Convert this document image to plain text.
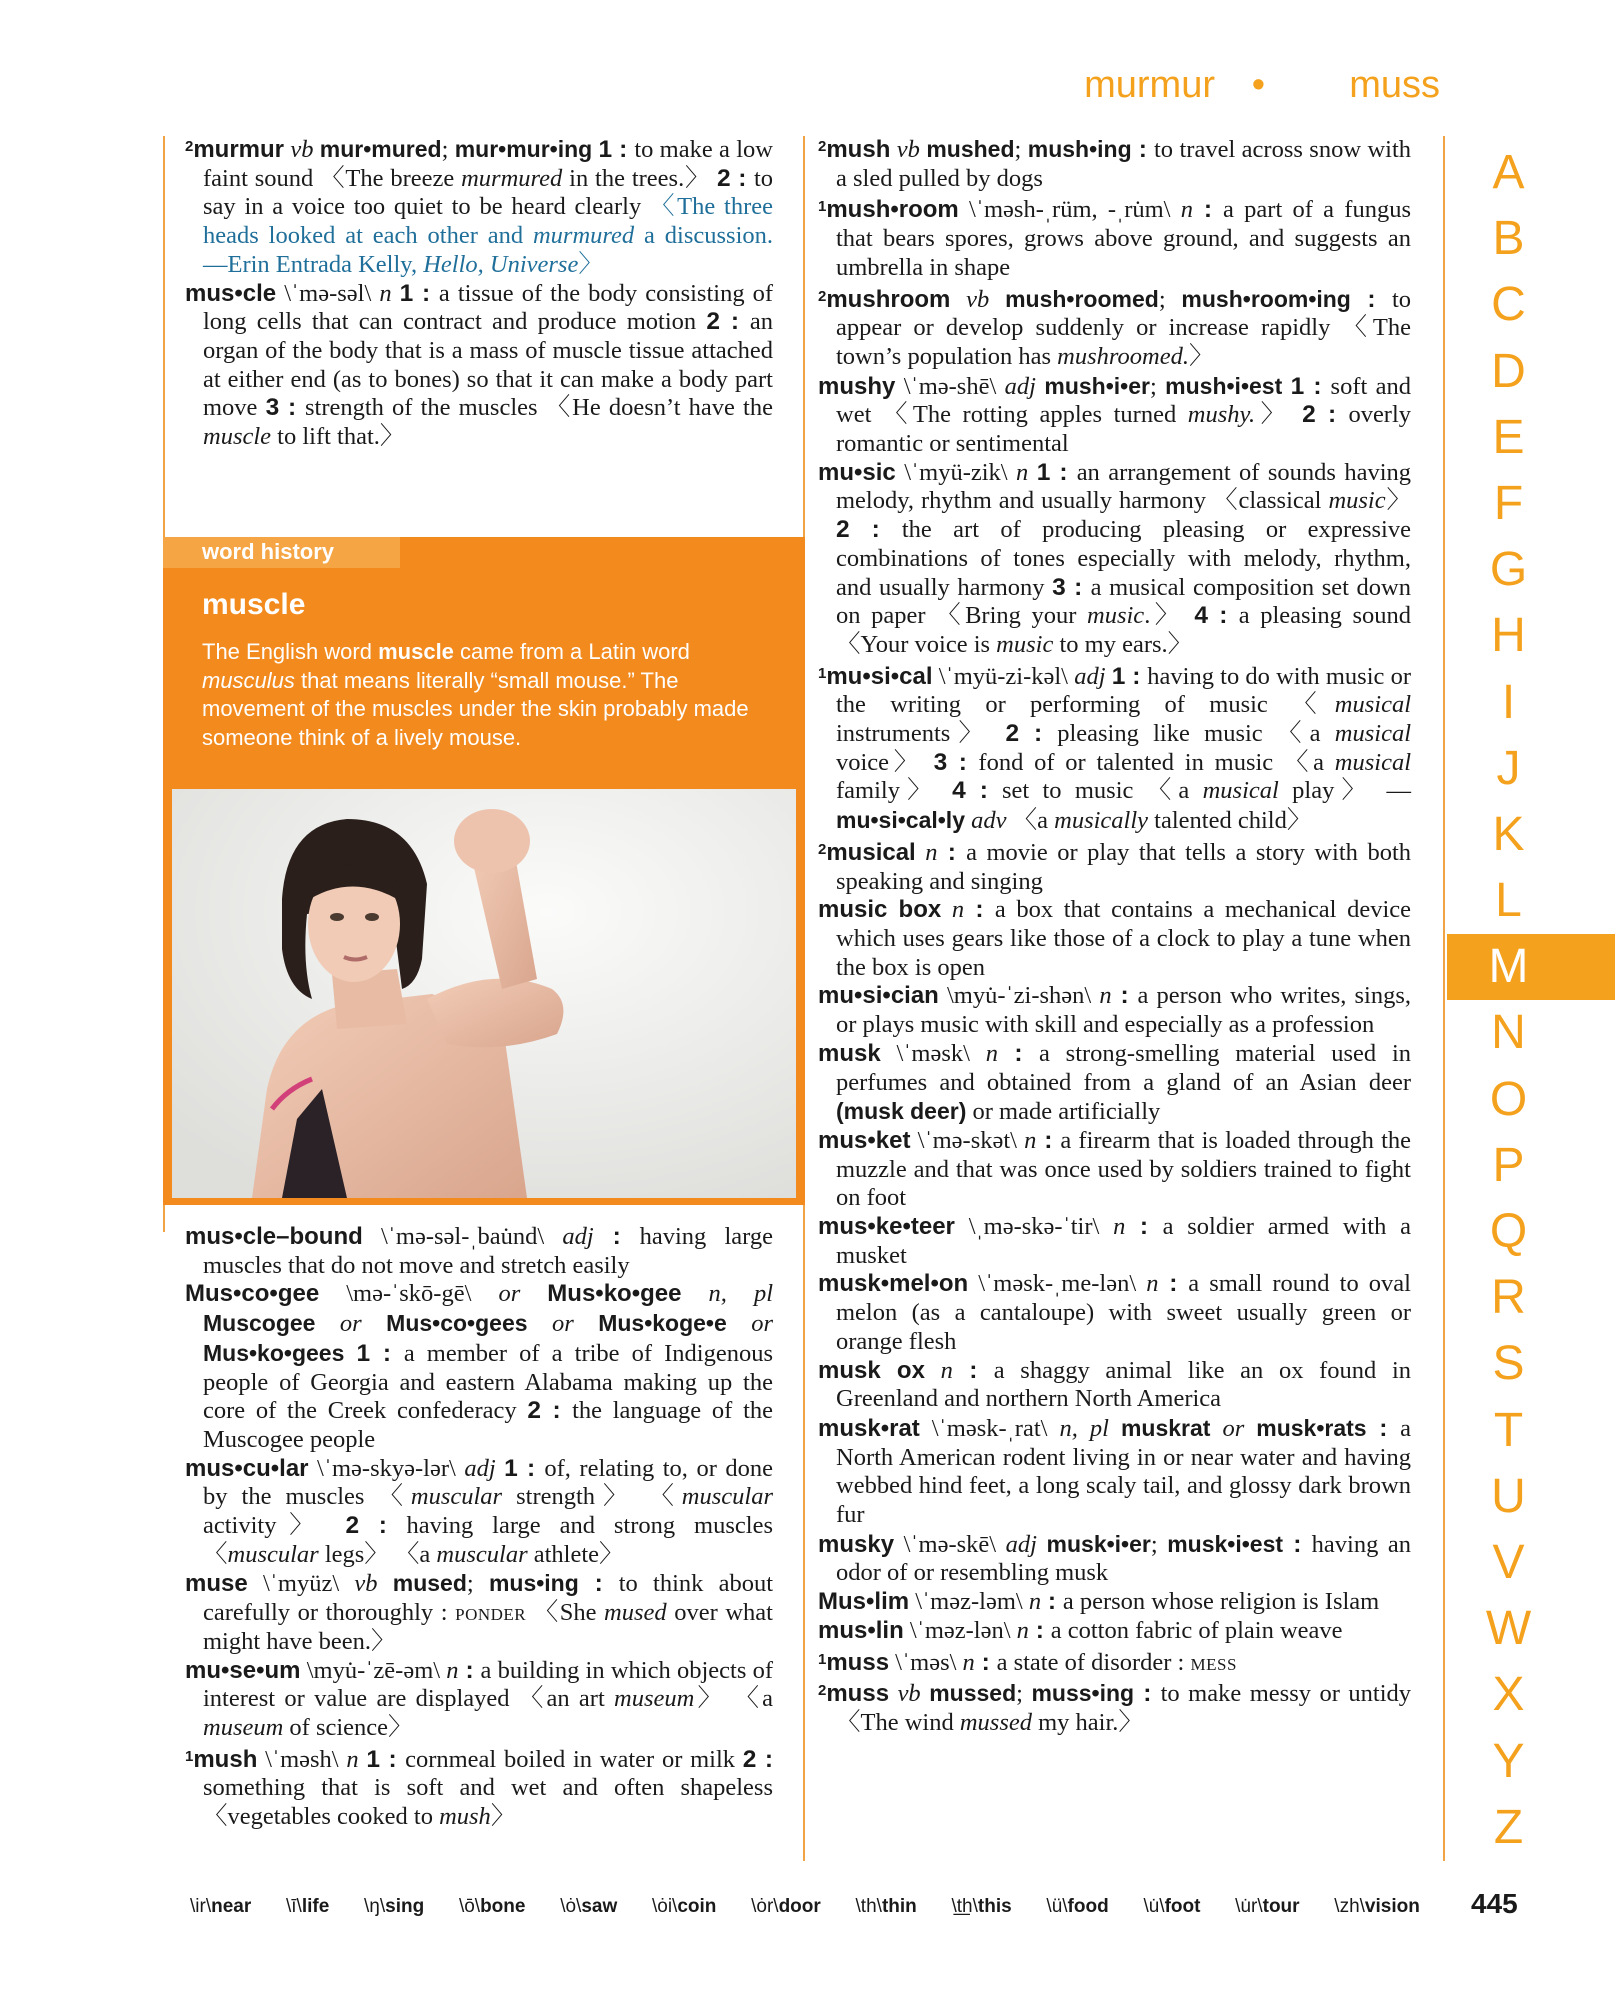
murmur • muss
$^2$murmur vb mur•mured; mur•mur•ing 1 : to make a low faint sound 〈The breeze murmured in the trees.〉 2 : to say in a voice too quiet to be heard clearly 〈The three heads looked at each other and murmured a discussion. —Erin Entrada Kelly, Hello, Universe〉
mus•cle \ˈmə-səl\ n 1 : a tissue of the body consisting of long cells that can contract and produce motion 2 : an organ of the body that is a mass of muscle tissue attached at either end (as to bones) so that it can make a body part move 3 : strength of the muscles 〈He doesn’t have the muscle to lift that.〉
word history
muscle
The English word muscle came from a Latin word musculus that means literally “small mouse.” The movement of the muscles under the skin probably made someone think of a lively mouse.
mus•cle–bound \ˈmə-səl-ˌbau̇nd\ adj : having large muscles that do not move and stretch easily
Mus•co•gee \mə-ˈskō-gē\ or Mus•ko•gee n, pl Muscogee or Mus•co•gees or Mus•koge•e or Mus•ko•gees 1 : a member of a tribe of Indigenous people of Georgia and eastern Alabama making up the core of the Creek confederacy 2 : the language of the Muscogee people
mus•cu•lar \ˈmə-skyə-lər\ adj 1 : of, relating to, or done by the muscles 〈muscular strength〉 〈muscular activity〉 2 : having large and strong muscles 〈muscular legs〉 〈a muscular athlete〉
muse \ˈmyüz\ vb mused; mus•ing : to think about carefully or thoroughly : ponder 〈She mused over what might have been.〉
mu•se•um \myu̇-ˈzē-əm\ n : a building in which objects of interest or value are displayed 〈an art museum〉 〈a museum of science〉
$^1$mush \ˈməsh\ n 1 : cornmeal boiled in water or milk 2 : something that is soft and wet and often shapeless 〈vegetables cooked to mush〉
$^2$mush vb mushed; mush•ing : to travel across snow with a sled pulled by dogs
$^1$mush•room \ˈməsh-ˌrüm, -ˌru̇m\ n : a part of a fungus that bears spores, grows above ground, and suggests an umbrella in shape
$^2$mushroom vb mush•roomed; mush•room•ing : to appear or develop suddenly or increase rapidly 〈The town’s population has mushroomed.〉
mushy \ˈmə-shē\ adj mush•i•er; mush•i•est 1 : soft and wet 〈The rotting apples turned mushy.〉 2 : overly romantic or sentimental
mu•sic \ˈmyü-zik\ n 1 : an arrangement of sounds having melody, rhythm and usually harmony 〈classical music〉 2 : the art of producing pleasing or expressive combinations of tones especially with melody, rhythm, and usually harmony 3 : a musical composition set down on paper 〈Bring your music.〉 4 : a pleasing sound 〈Your voice is music to my ears.〉
$^1$mu•si•cal \ˈmyü-zi-kəl\ adj 1 : having to do with music or the writing or performing of music 〈musical instruments〉 2 : pleasing like music 〈a musical voice〉 3 : fond of or talented in music 〈a musical family〉 4 : set to music 〈a musical play〉 — mu•si•cal•ly adv 〈a musically talented child〉
$^2$musical n : a movie or play that tells a story with both speaking and singing
music box n : a box that contains a mechanical device which uses gears like those of a clock to play a tune when the box is open
mu•si•cian \myu̇-ˈzi-shən\ n : a person who writes, sings, or plays music with skill and especially as a profession
musk \ˈməsk\ n : a strong-smelling material used in perfumes and obtained from a gland of an Asian deer (musk deer) or made artificially
mus•ket \ˈmə-skət\ n : a firearm that is loaded through the muzzle and that was once used by soldiers trained to fight on foot
mus•ke•teer \ˌmə-skə-ˈtir\ n : a soldier armed with a musket
musk•mel•on \ˈməsk-ˌme-lən\ n : a small round to oval melon (as a cantaloupe) with sweet usually green or orange flesh
musk ox n : a shaggy animal like an ox found in Greenland and northern North America
musk•rat \ˈməsk-ˌrat\ n, pl muskrat or musk•rats : a North American rodent living in or near water and having webbed hind feet, a long scaly tail, and glossy dark brown fur
musky \ˈmə-skē\ adj musk•i•er; musk•i•est : having an odor of or resembling musk
Mus•lim \ˈməz-ləm\ n : a person whose religion is Islam
mus•lin \ˈməz-lən\ n : a cotton fabric of plain weave
$^1$muss \ˈməs\ n : a state of disorder : mess
$^2$muss vb mussed; muss•ing : to make messy or untidy 〈The wind mussed my hair.〉
A
B
C
D
E
F
G
H
I
J
K
L
M
N
O
P
Q
R
S
T
U
V
W
X
Y
Z
\ir\near \ī\life \ŋ\sing \ō\bone \ȯ\saw \ȯi\coin \ȯr\door \th\thin \t͟h\this \ü\food \u̇\foot \u̇r\tour \zh\vision 445
